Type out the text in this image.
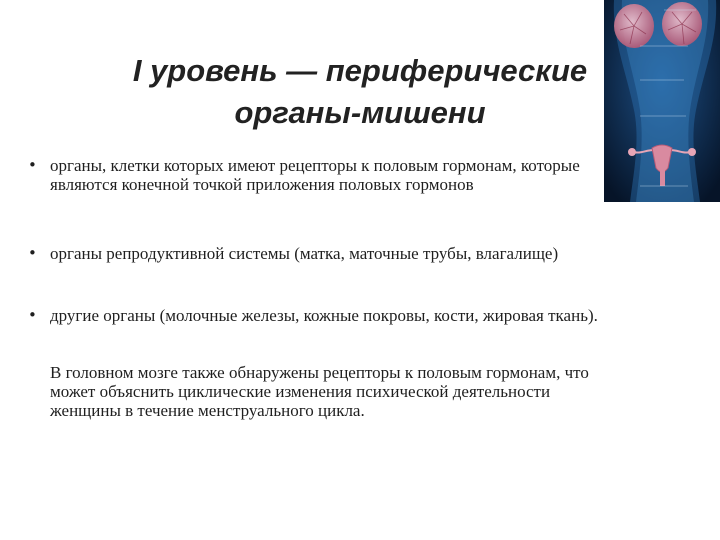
I уровень — периферические
органы-мишени
• органы, клетки которых имеют рецепторы к половым гормонам, которые являются конечной точкой приложения половых гормонов
• органы репродуктивной системы (матка, маточные трубы, влагалище)
• другие органы (молочные железы, кожные покровы, кости, жировая ткань).
В головном мозге также обнаружены рецепторы к половым гормонам, что может объяснить циклические изменения психической деятельности женщины в течение менструального цикла.
